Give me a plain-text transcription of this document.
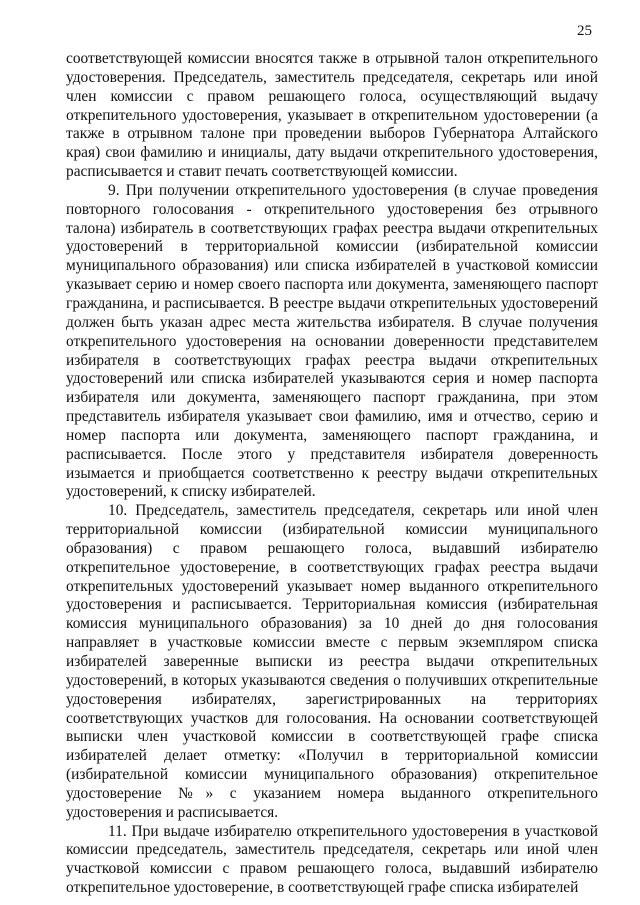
25

соответствующей комиссии вносятся также в отрывной талон открепительного удостоверения. Председатель, заместитель председателя, секретарь или иной член комиссии с правом решающего голоса, осуществляющий выдачу открепительного удостоверения, указывает в открепительном удостоверении (а также в отрывном талоне при проведении выборов Губернатора Алтайского края) свои фамилию и инициалы, дату выдачи открепительного удостоверения, расписывается и ставит печать соответствующей комиссии.

9. При получении открепительного удостоверения (в случае проведения повторного голосования - открепительного удостоверения без отрывного талона) избиратель в соответствующих графах реестра выдачи открепительных удостоверений в территориальной комиссии (избирательной комиссии муниципального образования) или списка избирателей в участковой комиссии указывает серию и номер своего паспорта или документа, заменяющего паспорт гражданина, и расписывается. В реестре выдачи открепительных удостоверений должен быть указан адрес места жительства избирателя. В случае получения открепительного удостоверения на основании доверенности представителем избирателя в соответствующих графах реестра выдачи открепительных удостоверений или списка избирателей указываются серия и номер паспорта избирателя или документа, заменяющего паспорт гражданина, при этом представитель избирателя указывает свои фамилию, имя и отчество, серию и номер паспорта или документа, заменяющего паспорт гражданина, и расписывается. После этого у представителя избирателя доверенность изымается и приобщается соответственно к реестру выдачи открепительных удостоверений, к списку избирателей.

10. Председатель, заместитель председателя, секретарь или иной член территориальной комиссии (избирательной комиссии муниципального образования) с правом решающего голоса, выдавший избирателю открепительное удостоверение, в соответствующих графах реестра выдачи открепительных удостоверений указывает номер выданного открепительного удостоверения и расписывается. Территориальная комиссия (избирательная комиссия муниципального образования) за 10 дней до дня голосования направляет в участковые комиссии вместе с первым экземпляром списка избирателей заверенные выписки из реестра выдачи открепительных удостоверений, в которых указываются сведения о получивших открепительные удостоверения избирателях, зарегистрированных на территориях соответствующих участков для голосования. На основании соответствующей выписки член участковой комиссии в соответствующей графе списка избирателей делает отметку: «Получил в территориальной комиссии (избирательной комиссии муниципального образования) открепительное удостоверение №» с указанием номера выданного открепительного удостоверения и расписывается.

11. При выдаче избирателю открепительного удостоверения в участковой комиссии председатель, заместитель председателя, секретарь или иной член участковой комиссии с правом решающего голоса, выдавший избирателю открепительное удостоверение, в соответствующей графе списка избирателей
